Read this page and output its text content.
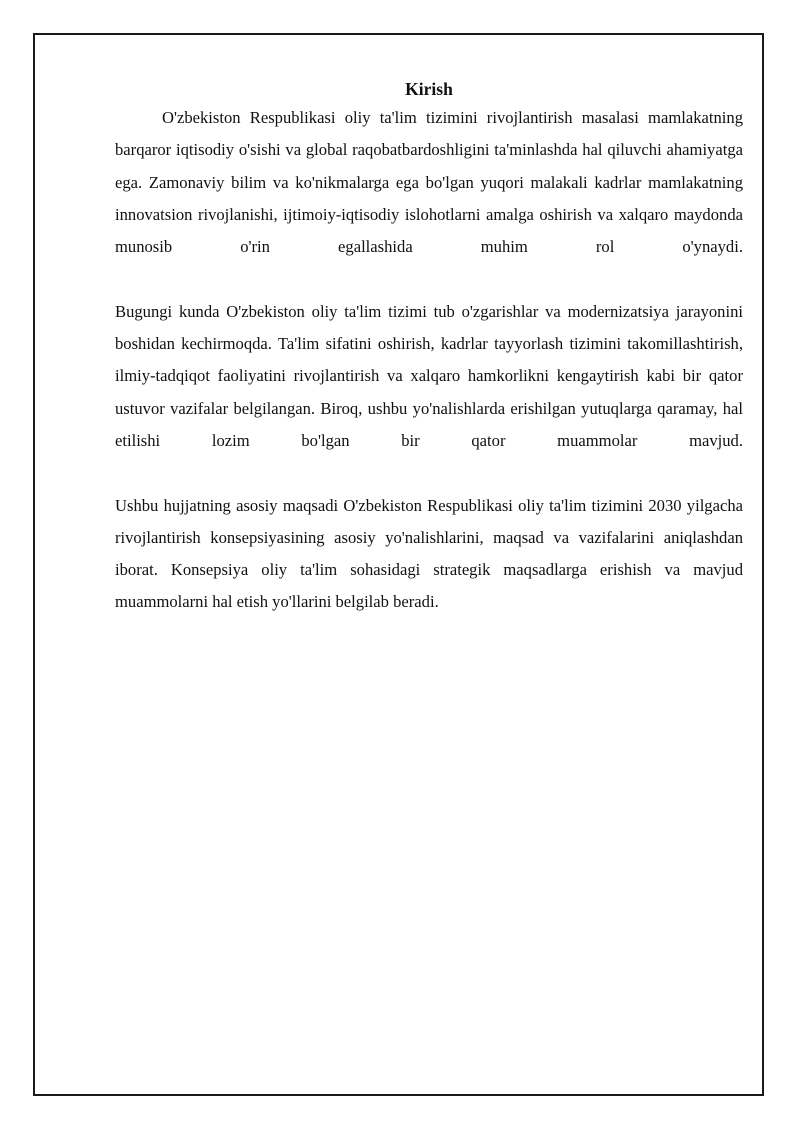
Kirish

O'zbekiston Respublikasi oliy ta'lim tizimini rivojlantirish masalasi mamlakatning barqaror iqtisodiy o'sishi va global raqobatbardoshligini ta'minlashda hal qiluvchi ahamiyatga ega. Zamonaviy bilim va ko'nikmalarga ega bo'lgan yuqori malakali kadrlar mamlakatning innovatsion rivojlanishi, ijtimoiy-iqtisodiy islohotlarni amalga oshirish va xalqaro maydonda munosib o'rin egallashida muhim rol o'ynaydi.

Bugungi kunda O'zbekiston oliy ta'lim tizimi tub o'zgarishlar va modernizatsiya jarayonini boshidan kechirmoqda. Ta'lim sifatini oshirish, kadrlar tayyorlash tizimini takomillashtirish, ilmiy-tadqiqot faoliyatini rivojlantirish va xalqaro hamkorlikni kengaytirish kabi bir qator ustuvor vazifalar belgilangan. Biroq, ushbu yo'nalishlarda erishilgan yutuqlarga qaramay, hal etilishi lozim bo'lgan bir qator muammolar mavjud.

Ushbu hujjatning asosiy maqsadi O'zbekiston Respublikasi oliy ta'lim tizimini 2030 yilgacha rivojlantirish konsepsiyasining asosiy yo'nalishlarini, maqsad va vazifalarini aniqlashdan iborat. Konsepsiya oliy ta'lim sohasidagi strategik maqsadlarga erishish va mavjud muammolarni hal etish yo'llarini belgilab beradi.
